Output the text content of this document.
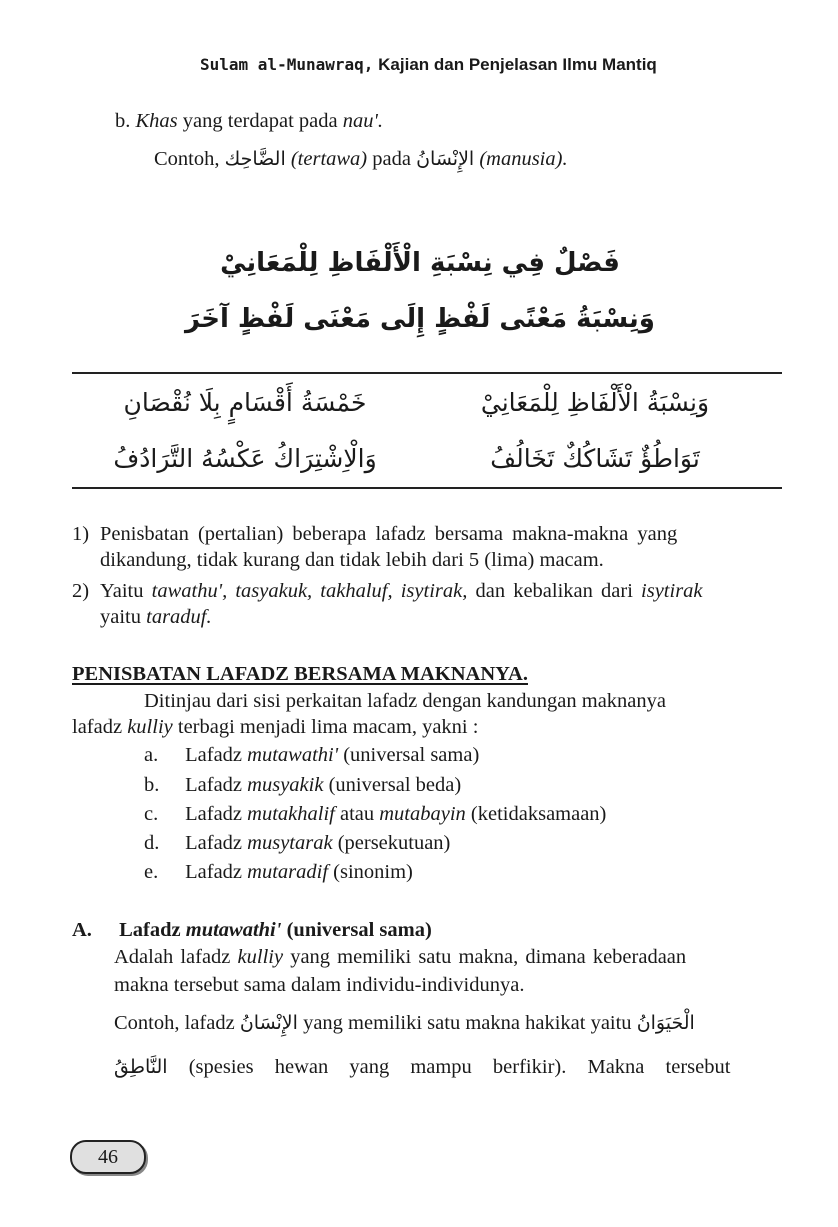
Sulam al-Munawraq, Kajian dan Penjelasan Ilmu Mantiq
b. Khas yang terdapat pada nau'.
Contoh, الضَّاحِك (tertawa) pada الإِنْسَانُ (manusia).
فَصْلٌ فِي نِسْبَةِ الْأَلْفَاظِ لِلْمَعَانِيْ
وَنِسْبَةُ مَعْنًى لَفْظٍ إِلَى مَعْنَى لَفْظٍ آخَرَ
وَنِسْبَةُ الْأَلْفَاظِ لِلْمَعَانِيْ
خَمْسَةُ أَقْسَامٍ بِلَا نُقْصَانِ
تَوَاطُؤٌ تَشَاكُكٌ تَخَالُفُ
وَالْاِشْتِرَاكُ عَكْسُهُ التَّرَادُفُ
1) Penisbatan (pertalian) beberapa lafadz bersama makna-makna yang
dikandung, tidak kurang dan tidak lebih dari 5 (lima) macam.
2) Yaitu tawathu', tasyakuk, takhaluf, isytirak, dan kebalikan dari isytirak
yaitu taraduf.
PENISBATAN LAFADZ BERSAMA MAKNANYA.
Ditinjau dari sisi perkaitan lafadz dengan kandungan maknanya
lafadz kulliy terbagi menjadi lima macam, yakni :
a. Lafadz mutawathi' (universal sama)
b. Lafadz musyakik (universal beda)
c. Lafadz mutakhalif atau mutabayin (ketidaksamaan)
d. Lafadz musytarak (persekutuan)
e. Lafadz mutaradif (sinonim)
A. Lafadz mutawathi' (universal sama)
Adalah lafadz kulliy yang memiliki satu makna, dimana keberadaan
makna tersebut sama dalam individu-individunya.
Contoh, lafadz الإِنْسَانُ yang memiliki satu makna hakikat yaitu الْحَيَوَانُ
النَّاطِقُ (spesies hewan yang mampu berfikir). Makna tersebut
46
